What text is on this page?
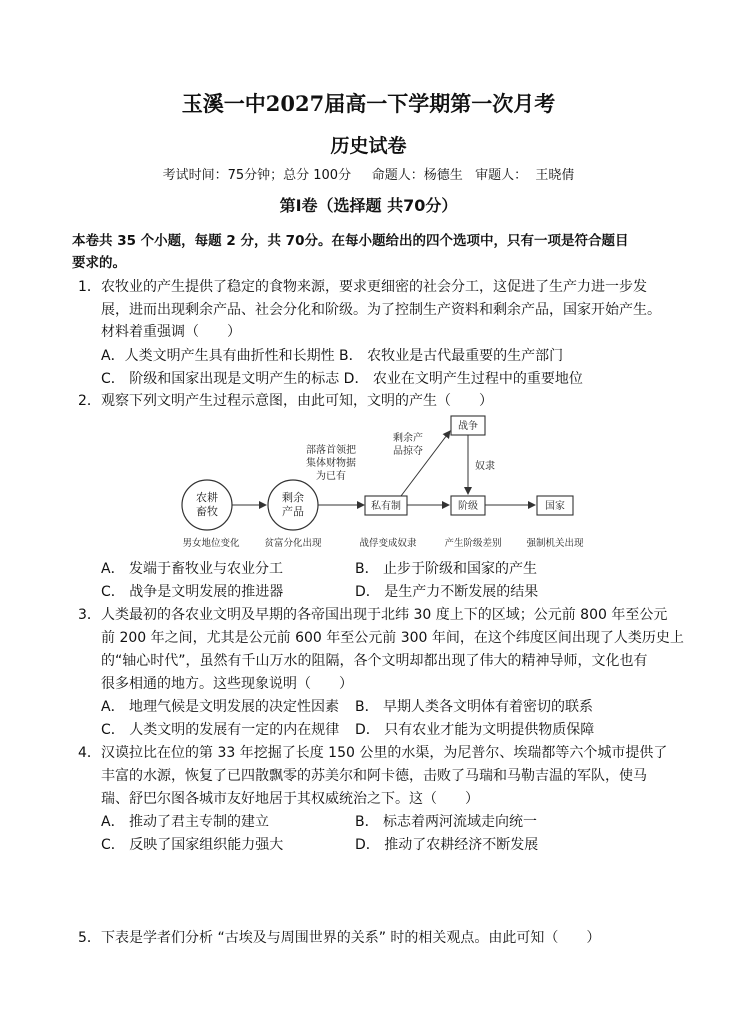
玉溪一中2027届高一下学期第一次月考
历史试卷
考试时间：75分钟；总分 100分     命题人：杨德生   审题人：  王晓倩
第Ⅰ卷（选择题 共70分）
本卷共 35 个小题，每题 2 分，共 70分。在每小题给出的四个选项中，只有一项是符合题目
要求的。
1． 农牧业的产生提供了稳定的食物来源，要求更细密的社会分工，这促进了生产力进一步发
展，进而出现剩余产品、社会分化和阶级。为了控制生产资料和剩余产品，国家开始产生。
材料着重强调（　　）
A．人类文明产生具有曲折性和长期性 B． 农牧业是古代最重要的生产部门
C． 阶级和国家出现是文明产生的标志 D． 农业在文明产生过程中的重要地位
2． 观察下列文明产生过程示意图，由此可知，文明的产生（　　）
农耕
畜牧
剩余
产品	私有制
战争
阶级	国家
部落首领把
集体财物据
为已有
剩余产
品掠夺
奴隶
男女地位变化	贫富分化出现	战俘变成奴隶	产生阶级差别	强制机关出现
A． 发端于畜牧业与农业分工	B． 止步于阶级和国家的产生
C． 战争是文明发展的推进器	D． 是生产力不断发展的结果
3． 人类最初的各农业文明及早期的各帝国出现于北纬 30 度上下的区域；公元前 800 年至公元
前 200 年之间，尤其是公元前 600 年至公元前 300 年间，在这个纬度区间出现了人类历史上
的“轴心时代”，虽然有千山万水的阻隔，各个文明却都出现了伟大的精神导师，文化也有
很多相通的地方。这些现象说明（　　）
A． 地理气候是文明发展的决定性因素 B． 早期人类各文明体有着密切的联系
C． 人类文明的发展有一定的内在规律 D． 只有农业才能为文明提供物质保障
4． 汉谟拉比在位的第 33 年挖掘了长度 150 公里的水渠，为尼普尔、埃瑞都等六个城市提供了
丰富的水源，恢复了已四散飘零的苏美尔和阿卡德，击败了马瑞和马勒吉温的军队，使马
瑞、舒巴尔图各城市友好地居于其权威统治之下。这（　　）
A． 推动了君主专制的建立	B． 标志着两河流域走向统一
C． 反映了国家组织能力强大	D． 推动了农耕经济不断发展
5． 下表是学者们分析 “古埃及与周围世界的关系” 时的相关观点。由此可知（　　）
